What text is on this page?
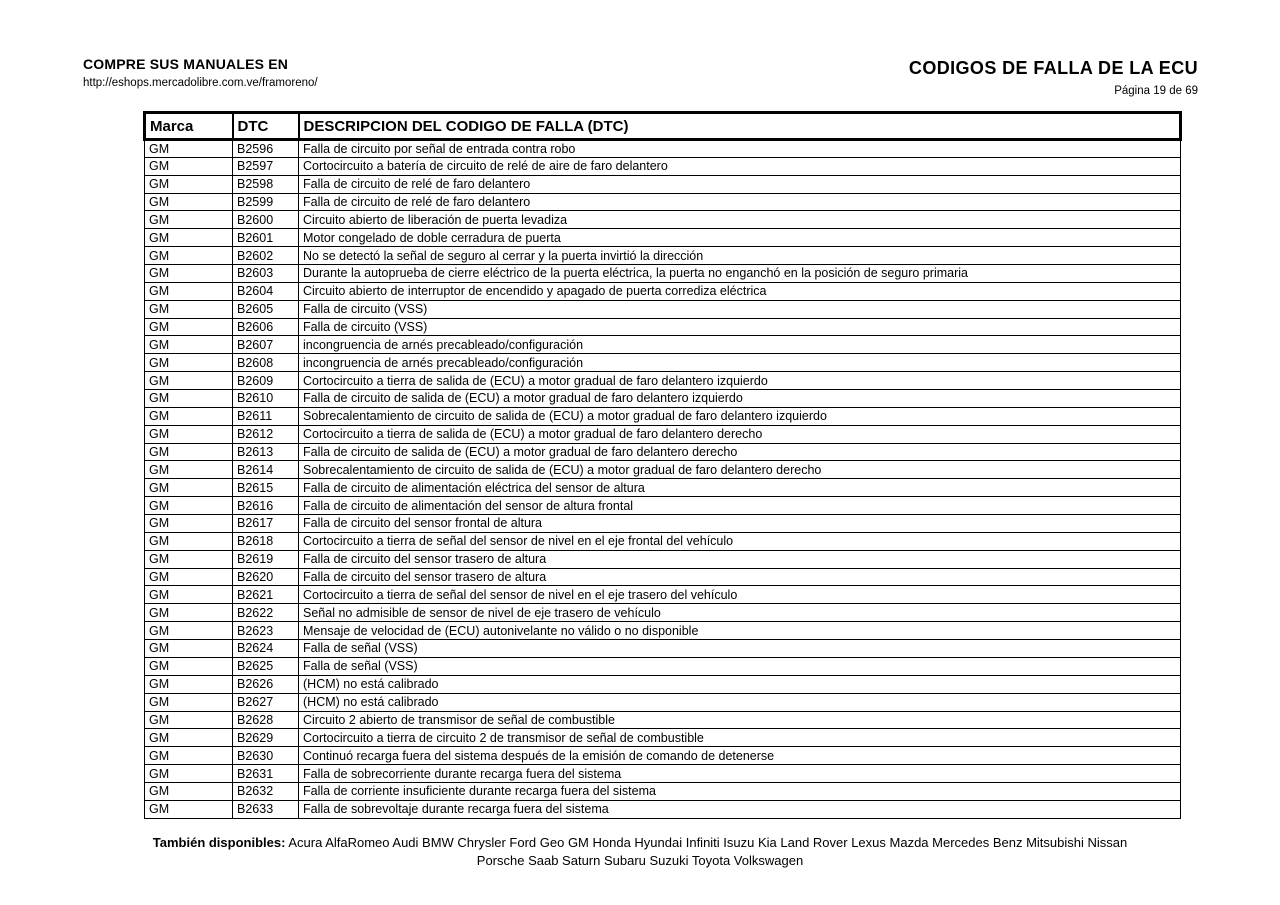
COMPRE SUS MANUALES EN
http://eshops.mercadolibre.com.ve/framoreno/
CODIGOS DE FALLA DE LA ECU
Página 19 de 69
Marca	DTC	DESCRIPCION DEL CODIGO DE FALLA (DTC)
GM	B2596	Falla de circuito por señal de entrada contra robo
GM	B2597	Cortocircuito a batería de circuito de relé de aire de faro delantero
GM	B2598	Falla de circuito de relé de faro delantero
GM	B2599	Falla de circuito de relé de faro delantero
GM	B2600	Circuito abierto de liberación de puerta levadiza
GM	B2601	Motor congelado de doble cerradura de puerta
GM	B2602	No se detectó la señal de seguro al cerrar y la puerta invirtió la dirección
GM	B2603	Durante la autoprueba de cierre eléctrico de la puerta eléctrica, la puerta no enganchó en la posición de seguro primaria
GM	B2604	Circuito abierto de interruptor de encendido y apagado de puerta corrediza eléctrica
GM	B2605	Falla de circuito (VSS)
GM	B2606	Falla de circuito (VSS)
GM	B2607	incongruencia de arnés precableado/configuración
GM	B2608	incongruencia de arnés precableado/configuración
GM	B2609	Cortocircuito a tierra de salida de (ECU) a motor gradual de faro delantero izquierdo
GM	B2610	Falla de circuito de salida de (ECU) a motor gradual de faro delantero izquierdo
GM	B2611	Sobrecalentamiento de circuito de salida de (ECU) a motor gradual de faro delantero izquierdo
GM	B2612	Cortocircuito a tierra de salida de (ECU) a motor gradual de faro delantero derecho
GM	B2613	Falla de circuito de salida de (ECU) a motor gradual de faro delantero derecho
GM	B2614	Sobrecalentamiento de circuito de salida de (ECU) a motor gradual de faro delantero derecho
GM	B2615	Falla de circuito de alimentación eléctrica del sensor de altura
GM	B2616	Falla de circuito de alimentación del sensor de altura frontal
GM	B2617	Falla de circuito del sensor frontal de altura
GM	B2618	Cortocircuito a tierra de señal del sensor de nivel en el eje frontal del vehículo
GM	B2619	Falla de circuito del sensor trasero de altura
GM	B2620	Falla de circuito del sensor trasero de altura
GM	B2621	Cortocircuito a tierra de señal del sensor de nivel en el eje trasero del vehículo
GM	B2622	Señal no admisible de sensor de nivel de eje trasero de vehículo
GM	B2623	Mensaje de velocidad de (ECU) autonivelante no válido o no disponible
GM	B2624	Falla de señal (VSS)
GM	B2625	Falla de señal (VSS)
GM	B2626	(HCM) no está calibrado
GM	B2627	(HCM) no está calibrado
GM	B2628	Circuito 2 abierto de transmisor de señal de combustible
GM	B2629	Cortocircuito a tierra de circuito 2 de transmisor de señal de combustible
GM	B2630	Continuó recarga fuera del sistema después de la emisión de comando de detenerse
GM	B2631	Falla de sobrecorriente durante recarga fuera del sistema
GM	B2632	Falla de corriente insuficiente durante recarga fuera del sistema
GM	B2633	Falla de sobrevoltaje durante recarga fuera del sistema
También disponibles: Acura AlfaRomeo Audi BMW Chrysler Ford Geo GM Honda Hyundai Infiniti Isuzu Kia Land Rover Lexus Mazda Mercedes Benz Mitsubishi Nissan
Porsche Saab Saturn Subaru Suzuki Toyota Volkswagen
